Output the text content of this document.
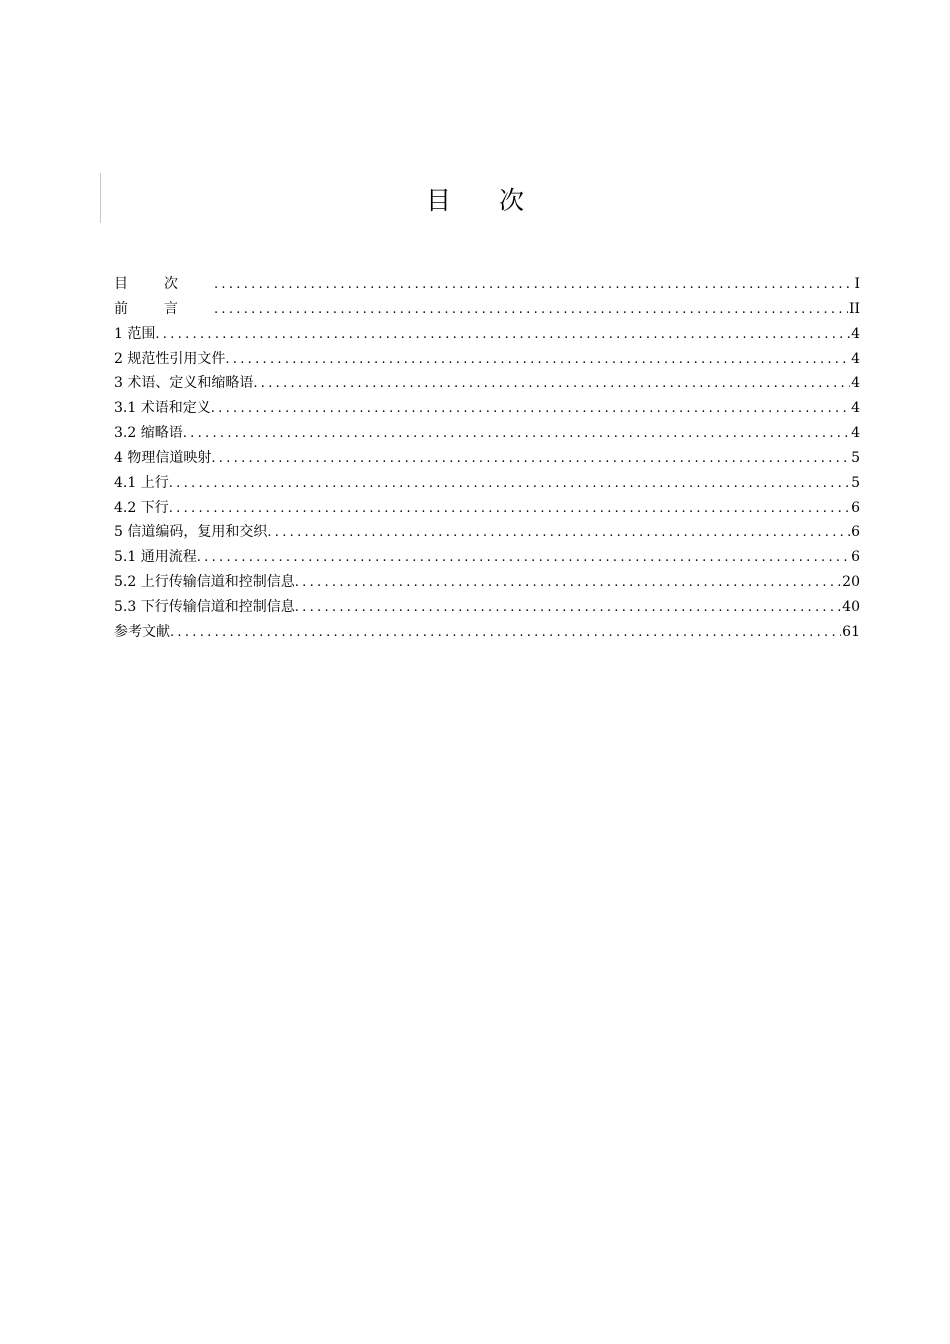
目次
目次 .....	I
前言 .....	II
1 范围 .....	4
2 规范性引用文件 .....	4
3 术语、定义和缩略语 .....	4
3.1 术语和定义 .....	4
3.2 缩略语 .....	4
4 物理信道映射 .....	5
4.1 上行 .....	5
4.2 下行 .....	6
5 信道编码，复用和交织 .....	6
5.1 通用流程 .....	6
5.2 上行传输信道和控制信息 .....	20
5.3 下行传输信道和控制信息 .....	40
参考文献 .....	61
